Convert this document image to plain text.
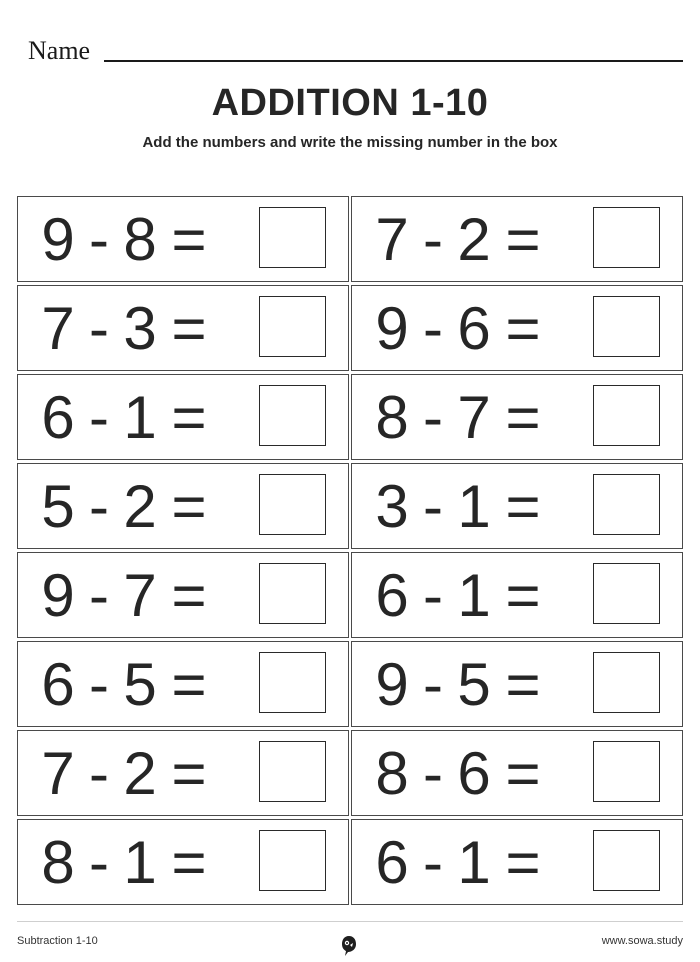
Name
ADDITION 1-10
Add the numbers and write the missing number in the box
9 - 8 =	7 - 2 =
7 - 3 =	9 - 6 =
6 - 1 =	8 - 7 =
5 - 2 =	3 - 1 =
9 - 7 =	6 - 1 =
6 - 5 =	9 - 5 =
7 - 2 =	8 - 6 =
8 - 1 =	6 - 1 =
Subtraction 1-10	www.sowa.study
